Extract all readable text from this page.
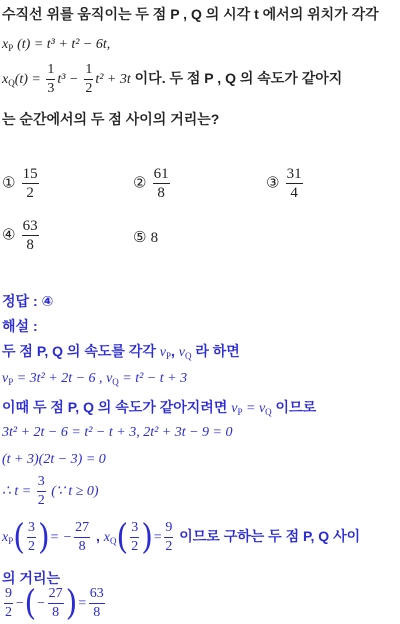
수직선 위를 움직이는 두 점 P , Q 의 시각 t 에서의 위치가 각각
$x_P$ (t) = t³ + t² − 6t,
$x_Q(t) = \frac{1}{3} t^3 - \frac{1}{2} t^2 + 3t$ 이다. 두 점 P , Q 의 속도가 같아지
는 순간에서의 두 점 사이의 거리는?
① $\frac{15}{2}$	② $\frac{61}{8}$	③ $\frac{31}{4}$
④ $\frac{63}{8}$	⑤ 8
정답 : ④
해설 :
두 점 P, Q 의 속도를 각각 $v_P$, $v_Q$ 라 하면
$v_P = 3t^2 + 2t - 6$ , $v_Q = t^2 - t + 3$
이때 두 점 P, Q 의 속도가 같아지려면 $v_P = v_Q$ 이므로
3t² + 2t − 6 = t² − t + 3, 2t² + 3t − 9 = 0
(t + 3)(2t − 3) = 0
∴ $t = \frac{3}{2}$ (∵ t ≥ 0)
$x_P( \frac{3}{2}$ )= − $\frac{27}{8}$ , $x_Q( \frac{3}{2}$ )= $\frac{9}{2}$ 이므로 구하는 두 점 P, Q 사이
의 거리는
$\frac{9}{2}$ −(− $\frac{27}{8}$ )= $\frac{63}{8}$
